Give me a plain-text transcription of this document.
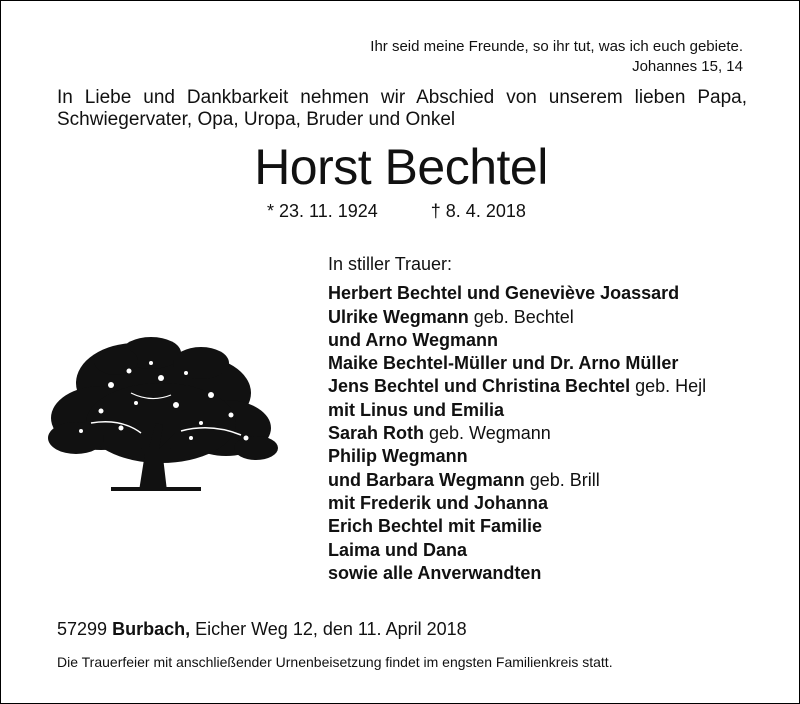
Ihr seid meine Freunde, so ihr tut, was ich euch gebiete.
Johannes 15, 14
In Liebe und Dankbarkeit nehmen wir Abschied von unserem lieben Papa,
Schwiegervater, Opa, Uropa, Bruder und Onkel
Horst Bechtel
* 23. 11. 1924	† 8. 4. 2018
In stiller Trauer:
Herbert Bechtel und Geneviève Joassard
Ulrike Wegmann geb. Bechtel
und Arno Wegmann
Maike Bechtel-Müller und Dr. Arno Müller
Jens Bechtel und Christina Bechtel geb. Hejl
mit Linus und Emilia
Sarah Roth geb. Wegmann
Philip Wegmann
und Barbara Wegmann geb. Brill
mit Frederik und Johanna
Erich Bechtel mit Familie
Laima und Dana
sowie alle Anverwandten
57299 Burbach, Eicher Weg 12, den 11. April 2018
Die Trauerfeier mit anschließender Urnenbeisetzung findet im engsten Familienkreis statt.
